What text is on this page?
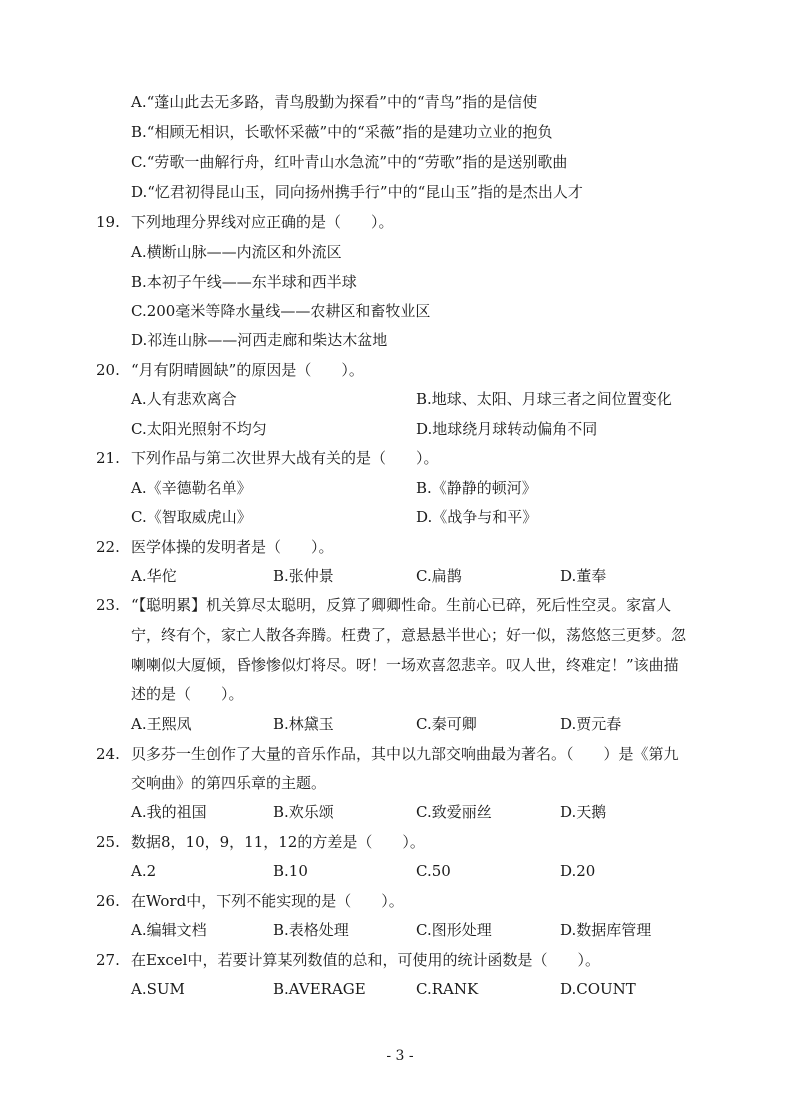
A.“蓬山此去无多路，青鸟殷勤为探看”中的“青鸟”指的是信使
B.“相顾无相识，长歌怀采薇”中的“采薇”指的是建功立业的抱负
C.“劳歌一曲解行舟，红叶青山水急流”中的“劳歌”指的是送别歌曲
D.“忆君初得昆山玉，同向扬州携手行”中的“昆山玉”指的是杰出人才
19. 下列地理分界线对应正确的是（　　）。
A.横断山脉——内流区和外流区
B.本初子午线——东半球和西半球
C.200毫米等降水量线——农耕区和畜牧业区
D.祁连山脉——河西走廊和柴达木盆地
20. “月有阴晴圆缺”的原因是（　　）。
A.人有悲欢离合	B.地球、太阳、月球三者之间位置变化
C.太阳光照射不均匀	D.地球绕月球转动偏角不同
21. 下列作品与第二次世界大战有关的是（　　）。
A.《辛德勒名单》	B.《静静的顿河》
C.《智取威虎山》	D.《战争与和平》
22. 医学体操的发明者是（　　）。
A.华佗	B.张仲景	C.扁鹊	D.董奉
23. “【聪明累】机关算尽太聪明，反算了卿卿性命。生前心已碎，死后性空灵。家富人
宁，终有个，家亡人散各奔腾。枉费了，意悬悬半世心；好一似，荡悠悠三更梦。忽
喇喇似大厦倾，昏惨惨似灯将尽。呀！一场欢喜忽悲辛。叹人世，终难定！”该曲描
述的是（　　）。
A.王熙凤	B.林黛玉	C.秦可卿	D.贾元春
24. 贝多芬一生创作了大量的音乐作品，其中以九部交响曲最为著名。（　　）是《第九
交响曲》的第四乐章的主题。
A.我的祖国	B.欢乐颂	C.致爱丽丝	D.天鹅
25. 数据8，10，9，11，12的方差是（　　）。
A.2	B.10	C.50	D.20
26. 在Word中，下列不能实现的是（　　）。
A.编辑文档	B.表格处理	C.图形处理	D.数据库管理
27. 在Excel中，若要计算某列数值的总和，可使用的统计函数是（　　）。
A.SUM	B.AVERAGE	C.RANK	D.COUNT
- 3 -
